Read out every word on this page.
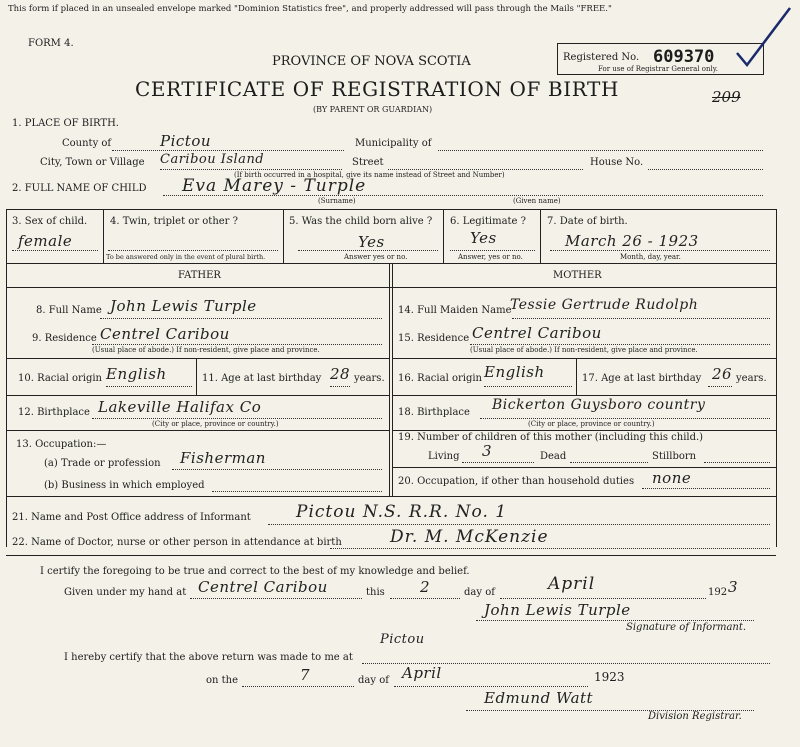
This form if placed in an unsealed envelope marked "Dominion Statistics free", and properly addressed will pass through the Mails "FREE."
FORM 4.
PROVINCE OF NOVA SCOTIA
CERTIFICATE OF REGISTRATION OF BIRTH
(BY PARENT OR GUARDIAN)
Registered No. 609370
For use of Registrar General only.
209
1. PLACE OF BIRTH.
County of	Pictou	Municipality of
City, Town or Village Caribou Island	Street	House No.
(If birth occurred in a hospital, give its name instead of Street and Number)
2. FULL NAME OF CHILD Eva Marey - Turple
(Surname)	(Given name)
3. Sex of child.
female
4. Twin, triplet or other ?
To be answered only in the event of plural birth.
5. Was the child born alive ?
Yes
Answer yes or no.
6. Legitimate ?
Yes
Answer, yes or no.
7. Date of birth.
March 26 - 1923
Month, day, year.
FATHER	MOTHER
8. Full Name John Lewis Turple
9. Residence Centrel Caribou
(Usual place of abode.) If non-resident, give place and province.
10. Racial origin English	11. Age at last birthday 28 years.
12. Birthplace Lakeville Halifax Co
(City or place, province or country.)
13. Occupation:—
(a) Trade or profession Fisherman
(b) Business in which employed
14. Full Maiden Name
Tessie Gertrude Rudolph
15. Residence Centrel Caribou
(Usual place of abode.) If non-resident, give place and province.
16. Racial origin English	17. Age at last birthday 26 years.
18. Birthplace Bickerton Guysboro country
(City or place, province or country.)
19. Number of children of this mother (including this child.)
Living 3	Dead	Stillborn
20. Occupation, if other than household duties none
21. Name and Post Office address of Informant	Pictou N.S. R.R. No. 1
22. Name of Doctor, nurse or other person in attendance at birth	Dr. M. McKenzie
I certify the foregoing to be true and correct to the best of my knowledge and belief.
Given under my hand at Centrel Caribou	this 2	day of	April	192 3
John Lewis Turple
Signature of Informant.
I hereby certify that the above return was made to me at
Pictou
on the	7	day of April	1923
Edmund Watt
Division Registrar.
